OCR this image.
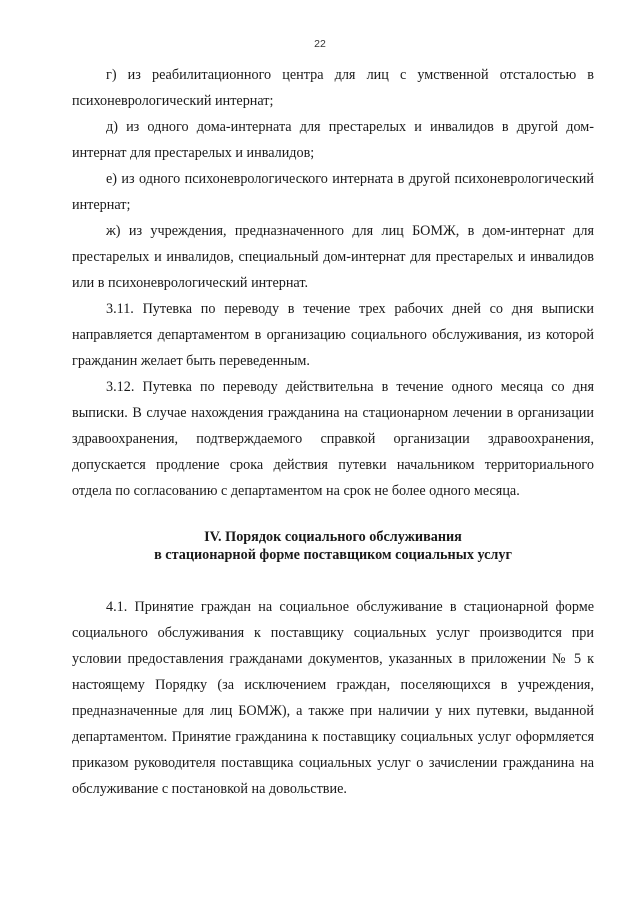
22

г) из реабилитационного центра для лиц с умственной отсталостью в психоневрологический интернат;

д) из одного дома-интерната для престарелых и инвалидов в другой дом-интернат для престарелых и инвалидов;

е) из одного психоневрологического интерната в другой психоневрологический интернат;

ж) из учреждения, предназначенного для лиц БОМЖ, в дом-интернат для престарелых и инвалидов, специальный дом-интернат для престарелых и инвалидов или в психоневрологический интернат.

3.11. Путевка по переводу в течение трех рабочих дней со дня выписки направляется департаментом в организацию социального обслуживания, из которой гражданин желает быть переведенным.

3.12. Путевка по переводу действительна в течение одного месяца со дня выписки. В случае нахождения гражданина на стационарном лечении в организации здравоохранения, подтверждаемого справкой организации здравоохранения, допускается продление срока действия путевки начальником территориального отдела по согласованию с департаментом на срок не более одного месяца.

IV. Порядок социального обслуживания
в стационарной форме поставщиком социальных услуг

4.1. Принятие граждан на социальное обслуживание в стационарной форме социального обслуживания к поставщику социальных услуг производится при условии предоставления гражданами документов, указанных в приложении № 5 к настоящему Порядку (за исключением граждан, поселяющихся в учреждения, предназначенные для лиц БОМЖ), а также при наличии у них путевки, выданной департаментом. Принятие гражданина к поставщику социальных услуг оформляется приказом руководителя поставщика социальных услуг о зачислении гражданина на обслуживание с постановкой на довольствие.
